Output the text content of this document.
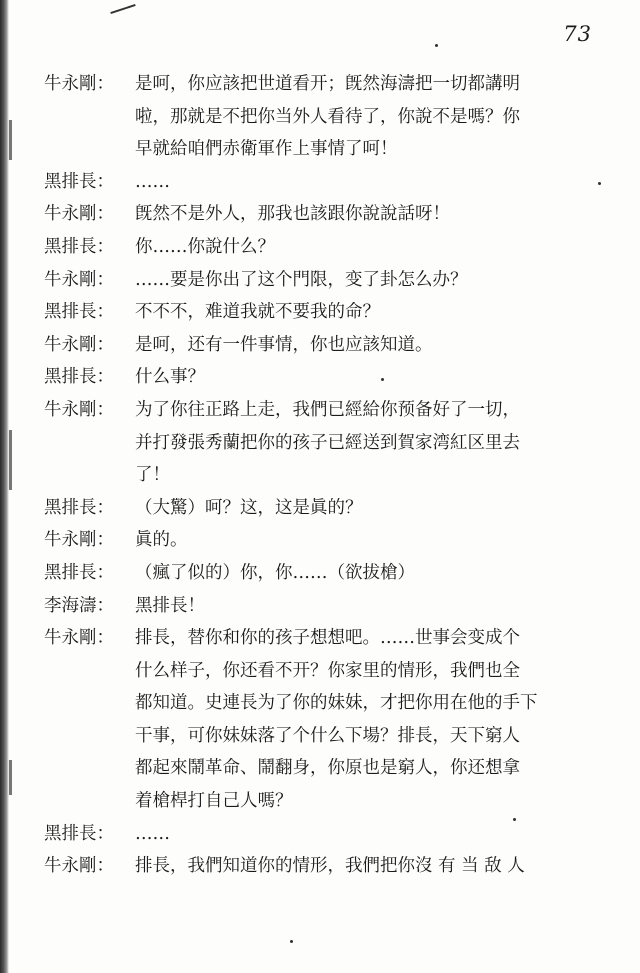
73
牛永剛：	是呵，你应該把世道看开；旣然海濤把一切都講明
啦，那就是不把你当外人看待了，你說不是嗎？你
早就給咱們赤衛軍作上事情了呵！
黑排長：	……
牛永剛：	旣然不是外人，那我也該跟你說說話呀！
黑排長：	你……你說什么？
牛永剛：	……要是你出了这个門限，变了卦怎么办？
黑排長：	不不不，难道我就不要我的命？
牛永剛：	是呵，还有一件事情，你也应該知道。
黑排長：	什么事？
牛永剛：	为了你往正路上走，我們已經給你预备好了一切，
并打發張秀蘭把你的孩子已經送到賀家湾紅区里去
了！
黑排長：	（大驚）呵？这，这是眞的？
牛永剛：	眞的。
黑排長：	（瘋了似的）你，你……（欲拔槍）
李海濤：	黑排長！
牛永剛：	排長，替你和你的孩子想想吧。……世事会变成个
什么样子，你还看不开？你家里的情形，我們也全
都知道。史連長为了你的妹妹，才把你用在他的手下
干事，可你妹妹落了个什么下場？排長，天下窮人
都起來鬧革命、鬧翻身，你原也是窮人，你还想拿
着槍桿打自己人嗎？
黑排長：	……
牛永剛：	排長，我們知道你的情形，我們把你沒 有 当 敌 人
